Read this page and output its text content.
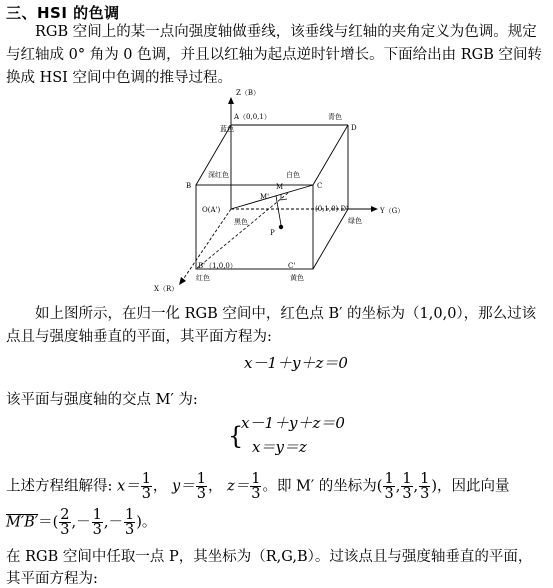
三、HSI 的色调
RGB 空间上的某一点向强度轴做垂线，该垂线与红轴的夹角定义为色调。规定与红轴成 0° 角为 0 色调，并且以红轴为起点逆时针增长。下面给出由 RGB 空间转换成 HSI 空间中色调的推导过程。
Z（B）
A（0,0,1）
蓝色
青色
D
B
深红色	白色
M	C
M'
O(A')
黑色
(0,1,0) D'
绿色
Y（G）
P
B'（1,0,0）
红色
C'
黄色
X（R）
如上图所示，在归一化 RGB 空间中，红色点 B′ 的坐标为（1,0,0），那么过该点且与强度轴垂直的平面，其平面方程为:
x－1＋y＋z＝0
该平面与强度轴的交点 M′ 为:
{
x－1＋y＋z＝0
x＝y＝z
上述方程组解得: $x= \frac{1}{3}$ ， $y= \frac{1}{3}$ ， $z= \frac{1}{3}$ 。即 M′ 的坐标为( $\frac{1}{3}$ , $\frac{1}{3}$ , $\frac{1}{3}$ )，因此向量
$M'B'=( \frac{2}{3}$ ,－ $\frac{1}{3}$ ,－ $\frac{1}{3}$ )。
在 RGB 空间中任取一点 P，其坐标为（R,G,B）。过该点且与强度轴垂直的平面，
其平面方程为:
